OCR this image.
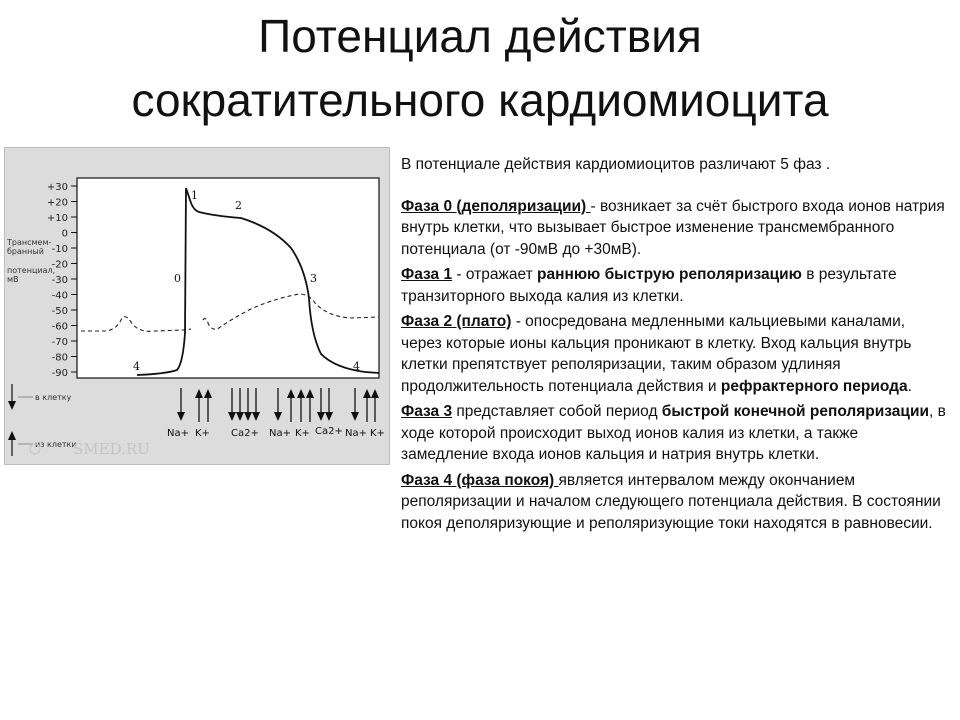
Потенциал действия
сократительного кардиомиоцита
+30
+20
+10
0
-10
-20
-30
-40
-50
-60
-70
-80
-90
Трансмем-
бранный
потенциал,
мВ	0
1
2
3
4	4
в клетку
из клетки
SMED.RU
Na+ K+ Ca2+ Na+ K+ Ca2+ Na+ K+

В потенциале действия кардиомиоцитов различают 5 фаз .

Фаза 0 (деполяризации) - возникает за счёт быстрого входа ионов натрия внутрь клетки, что вызывает быстрое изменение трансмембранного потенциала (от -90мВ до +30мВ).

Фаза 1 - отражает раннюю быструю реполяризацию в результате транзиторного выхода калия из клетки.

Фаза 2 (плато) - опосредована медленными кальциевыми каналами, через которые ионы кальция проникают в клетку. Вход кальция внутрь клетки препятствует реполяризации, таким образом удлиняя продолжительность потенциала действия и рефрактерного периода.

Фаза 3 представляет собой период быстрой конечной реполяризации, в ходе которой происходит выход ионов калия из клетки, а также замедление входа ионов кальция и натрия внутрь клетки.

Фаза 4 (фаза покоя) является интервалом между окончанием реполяризации и началом следующего потенциала действия. В состоянии покоя деполяризующие и реполяризующие токи находятся в равновесии.
